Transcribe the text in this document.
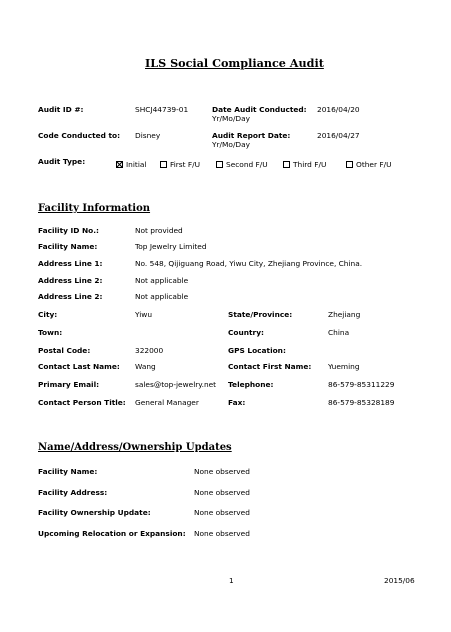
ILS Social Compliance Audit
Audit ID #:	SHCJ44739-01	Date Audit Conducted:
Yr/Mo/Day
2016/04/20
Code Conducted to: Disney	Audit Report Date:
Yr/Mo/Day
2016/04/27
Audit Type:	Initial	First F/U	Second F/U	Third F/U	Other F/U
Facility Information
Facility ID No.:	Not provided
Facility Name:	Top Jewelry Limited
Address Line 1:	No. 548, Qijiguang Road, Yiwu City, Zhejiang Province, China.
Address Line 2:	Not applicable
Address Line 2:	Not applicable
City:	Yiwu	State/Province:	Zhejiang
Town:	Country:	China
Postal Code:	322000	GPS Location:
Contact Last Name: Wang	Contact First Name: Yueming
Primary Email:	sales@top-jewelry.net Telephone:	86-579-85311229
Contact Person Title: General Manager	Fax:	86-579-85328189
Name/Address/Ownership Updates
Facility Name:	None observed
Facility Address:	None observed
Facility Ownership Update:	None observed
Upcoming Relocation or Expansion: None observed
1	2015/06
